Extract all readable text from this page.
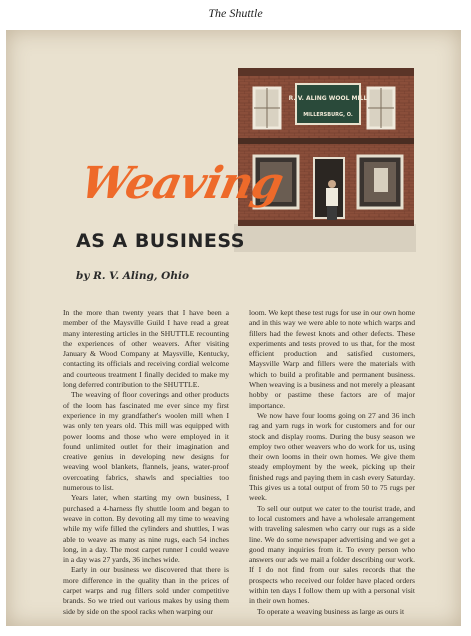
The Shuttle
R. V. ALING WOOL MILL
MILLERSBURG, O.
Weaving
AS A BUSINESS
by R. V. Aling, Ohio

In the more than twenty years that I have been a member of the Maysville Guild I have read a great many interesting articles in the SHUTTLE recounting the experiences of other weavers. After visiting January & Wood Company at Maysville, Kentucky, contacting its officials and receiving cordial welcome and courteous treatment I finally decided to make my long deferred contribution to the SHUTTLE.

The weaving of floor coverings and other products of the loom has fascinated me ever since my first experience in my grandfather's woolen mill when I was only ten years old. This mill was equipped with power looms and those who were employed in it found unlimited outlet for their imagination and creative genius in developing new designs for weaving wool blankets, flannels, jeans, water-proof overcoating fabrics, shawls and specialties too numerous to list.

Years later, when starting my own business, I purchased a 4-harness fly shuttle loom and began to weave in cotton. By devoting all my time to weaving while my wife filled the cylinders and shuttles, I was able to weave as many as nine rugs, each 54 inches long, in a day. The most carpet runner I could weave in a day was 27 yards, 36 inches wide.

Early in our business we discovered that there is more difference in the quality than in the prices of carpet warps and rug fillers sold under competitive brands. So we tried out various makes by using them side by side on the spool racks when warping our

loom. We kept these test rugs for use in our own home and in this way we were able to note which warps and fillers had the fewest knots and other defects. These experiments and tests proved to us that, for the most efficient production and satisfied customers, Maysville Warp and fillers were the materials with which to build a profitable and permanent business. When weaving is a business and not merely a pleasant hobby or pastime these factors are of major importance.

We now have four looms going on 27 and 36 inch rag and yarn rugs in work for customers and for our stock and display rooms. During the busy season we employ two other weavers who do work for us, using their own looms in their own homes. We give them steady employment by the week, picking up their finished rugs and paying them in cash every Saturday. This gives us a total output of from 50 to 75 rugs per week.

To sell our output we cater to the tourist trade, and to local customers and have a wholesale arrangement with traveling salesmen who carry our rugs as a side line. We do some newspaper advertising and we get a good many inquiries from it. To every person who answers our ads we mail a folder describing our work. If I do not find from our sales records that the prospects who received our folder have placed orders within ten days I follow them up with a personal visit in their own homes.

To operate a weaving business as large as ours it
